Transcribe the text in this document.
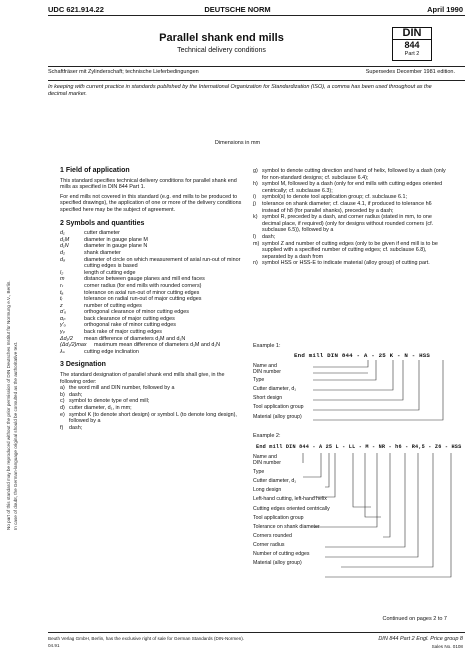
UDC 621.914.22	DEUTSCHE NORM	April 1990
No part of this standard may be reproduced without the prior permission of DIN Deutsches Institut für Normung e.V., Berlin. In case of doubt, the German-language original should be consulted as the authoritative text.
Parallel shank end mills
Technical delivery conditions
DIN
844
Part 2
Schaftfräser mit Zylinderschaft; technische Lieferbedingungen	Supersedes December 1981 edition.
In keeping with current practice in standards published by the International Organization for Standardization (ISO), a comma has been used throughout as the decimal marker.
Dimensions in mm
1 Field of application
This standard specifies technical delivery conditions for parallel shank end mills as specified in DIN 844 Part 1.
For end mills not covered in this standard (e.g. end mills to be produced to specified drawings), the application of one or more of the delivery conditions specified here may be the subject of agreement.
2 Symbols and quantities
d₁	cutter diameter
d₁M	diameter in gauge plane M
d₁N	diameter in gauge plane N
d₂	shank diameter
d₈	diameter of circle on which measurement of axial run-out of minor cutting edges is based
l₂	length of cutting edge
m	distance between gauge planes and mill end faces
rₜ	corner radius (for end mills with rounded corners)
tₐ	tolerance on axial run-out of minor cutting edges
tᵣ	tolerance on radial run-out of major cutting edges
z	number of cutting edges
α'ₒ	orthogonal clearance of minor cutting edges
αₚ	back clearance of major cutting edges
γ'ₒ	orthogonal rake of minor cutting edges
γₚ	back rake of major cutting edges
Δd₁/2	mean difference of diameters d₁M and d₁N
(Δd₁/2)max	maximum mean difference of diameters d₁M and d₁N
λₛ	cutting edge inclination
3 Designation
The standard designation of parallel shank end mills shall give, in the following order:
a) the word mill and DIN number, followed by a
b) dash;
c) symbol to denote type of end mill;
d) cutter diameter, d₁, in mm;
e) symbol K (to denote short design) or symbol L (to denote long design), followed by a
f)	dash;
g) symbol to denote cutting direction and hand of helix, followed by a dash (only for non-standard designs; cf. subclause 6.4);
h) symbol M, followed by a dash (only for end mills with cutting edges oriented centrically; cf. subclause 6.3);
i)	symbol(s) to denote tool application group; cf. subclause 6.1;
j)	tolerance on shank diameter; cf. clause 4.1, if produced to tolerance h6 instead of h8 (for parallel shanks), preceded by a dash;
k) symbol R, preceded by a dash, and corner radius (stated in mm, to one decimal place, if required) (only for designs without rounded corners (cf. subclause 6.5)), followed by a
l)	dash;
m) symbol Z and number of cutting edges (only to be given if end mill is to be supplied with a specified number of cutting edges; cf. subclause 6.8), separated by a dash from
n) symbol HSS or HSS-E to indicate material (alloy group) of cutting part.
Example 1:
End mill DIN 844 - A - 25 K - N - HSS
Name and
DIN number
Type
Cutter diameter, d₁
Short design
Tool application group
Material (alloy group)
Example 2:
End mill DIN 844 - A 25 L - LL - M - NR - h6 - R4,5 - Z6 - HSS
Name and
DIN number
Type
Cutter diameter, d₁
Long design
Left-hand cutting, left-hand helix
Cutting edges oriented centrically
Tool application group
Tolerance on shank diameter
Corners rounded
Corner radius
Number of cutting edges
Material (alloy group)
Continued on pages 2 to 7
Beuth Verlag GmbH, Berlin, has the exclusive right of sale for German Standards (DIN-Normen).
04.91
DIN 844 Part 2 Engl. Price group 8
Sales No. 0108
